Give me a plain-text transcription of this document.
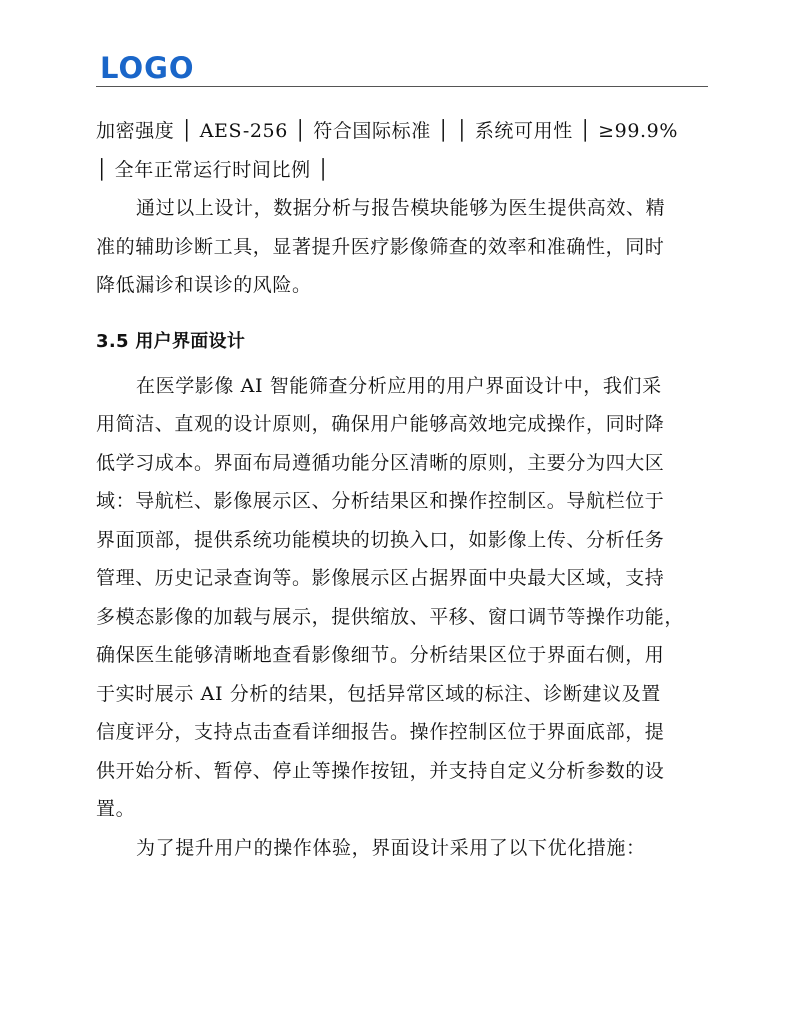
LOGO
加密强度 │ AES-256 │ 符合国际标准 │ │ 系统可用性 │ ≥99.9%
│ 全年正常运行时间比例 │
通过以上设计，数据分析与报告模块能够为医生提供高效、精
准的辅助诊断工具，显著提升医疗影像筛查的效率和准确性，同时
降低漏诊和误诊的风险。
3.5 用户界面设计
在医学影像 AI 智能筛查分析应用的用户界面设计中，我们采
用简洁、直观的设计原则，确保用户能够高效地完成操作，同时降
低学习成本。界面布局遵循功能分区清晰的原则，主要分为四大区
域：导航栏、影像展示区、分析结果区和操作控制区。导航栏位于
界面顶部，提供系统功能模块的切换入口，如影像上传、分析任务
管理、历史记录查询等。影像展示区占据界面中央最大区域，支持
多模态影像的加载与展示，提供缩放、平移、窗口调节等操作功能，
确保医生能够清晰地查看影像细节。分析结果区位于界面右侧，用
于实时展示 AI 分析的结果，包括异常区域的标注、诊断建议及置
信度评分，支持点击查看详细报告。操作控制区位于界面底部，提
供开始分析、暂停、停止等操作按钮，并支持自定义分析参数的设
置。
为了提升用户的操作体验，界面设计采用了以下优化措施：
